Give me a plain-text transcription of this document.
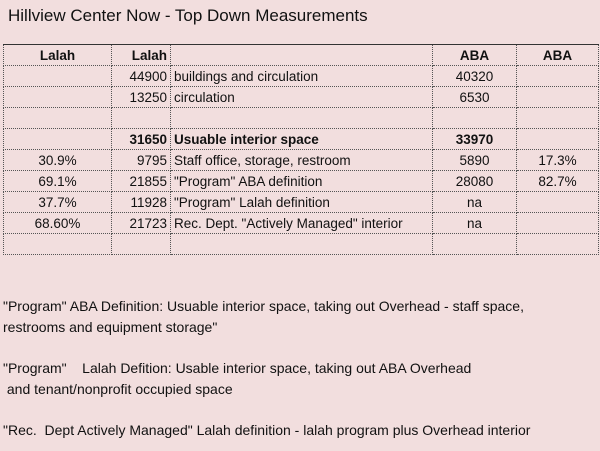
Hillview Center Now - Top Down Measurements
Lalah	Lalah		ABA	ABA
	44900	buildings and circulation	40320	
	13250	circulation	6530	

	31650	Usuable interior space	33970	
30.9%	9795	Staff office, storage, restroom	5890	17.3%
69.1%	21855	"Program" ABA definition	28080	82.7%
37.7%	11928	"Program" Lalah definition	na	
68.60%	21723	Rec. Dept. "Actively Managed" interior	na	

"Program" ABA Definition: Usuable interior space, taking out Overhead - staff space,
restrooms and equipment storage"
"Program"    Lalah Defition: Usable interior space, taking out ABA Overhead
and tenant/nonprofit occupied space
"Rec.  Dept Actively Managed" Lalah definition - lalah program plus Overhead interior
